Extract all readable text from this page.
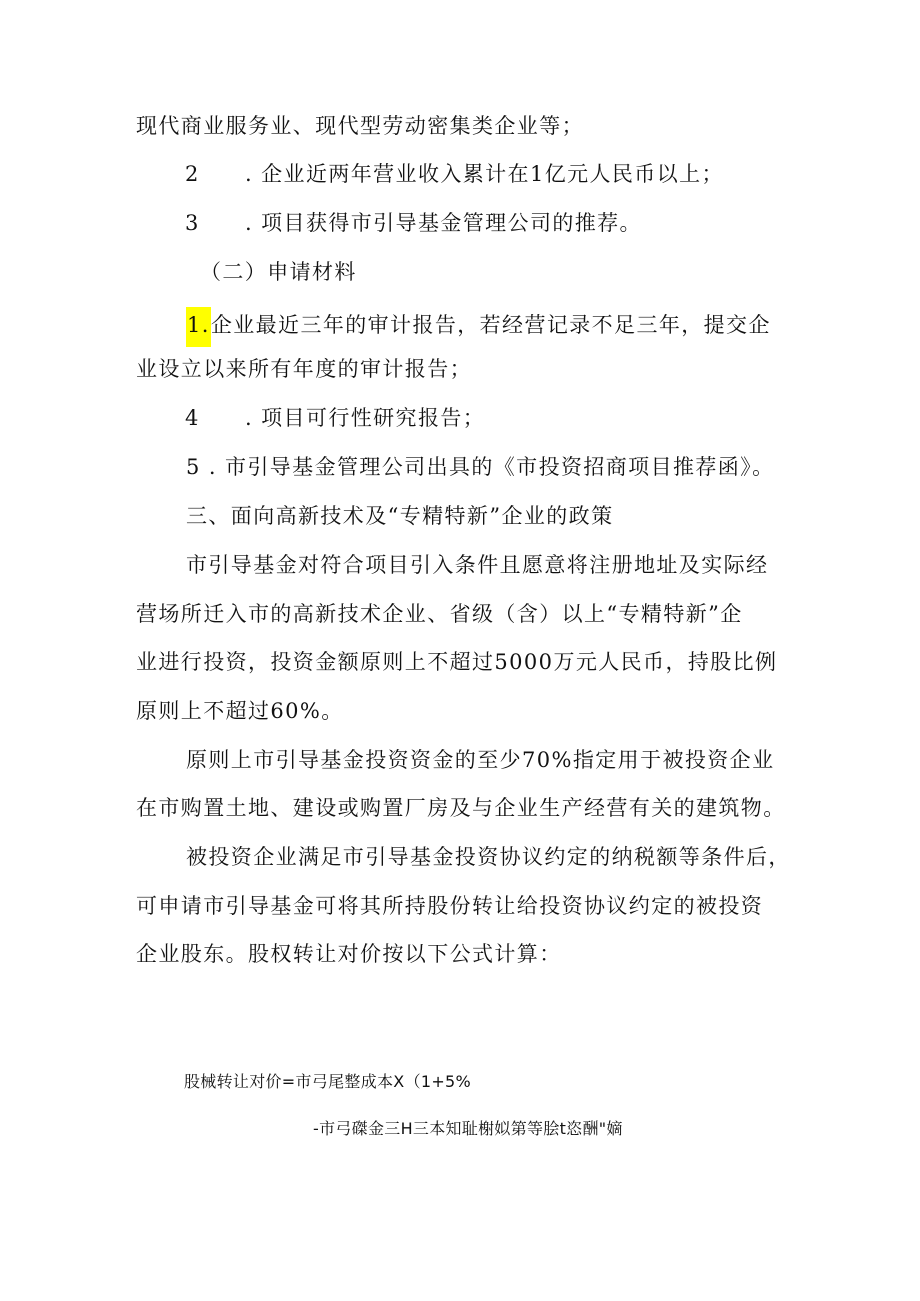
现代商业服务业、现代型劳动密集类企业等；
2 . 企业近两年营业收入累计在1亿元人民币以上；
3 . 项目获得市引导基金管理公司的推荐。
（二）申请材料
1.企业最近三年的审计报告，若经营记录不足三年，提交企
业设立以来所有年度的审计报告；
4 . 项目可行性研究报告；
5 . 市引导基金管理公司出具的《市投资招商项目推荐函》。
三、面向高新技术及“专精特新”企业的政策
市引导基金对符合项目引入条件且愿意将注册地址及实际经
营场所迁入市的高新技术企业、省级（含）以上“专精特新”企
业进行投资，投资金额原则上不超过5000万元人民币，持股比例
原则上不超过60%。
原则上市引导基金投资资金的至少70%指定用于被投资企业
在市购置土地、建设或购置厂房及与企业生产经营有关的建筑物。
被投资企业满足市引导基金投资协议约定的纳税额等条件后，
可申请市引导基金可将其所持股份转让给投资协议约定的被投资
企业股东。股权转让对价按以下公式计算：
股械转让对价=市弓尾整成本X（1+5%
-市弓磔金三H三本知耻榭姒第等脍t恣酬"嫡
